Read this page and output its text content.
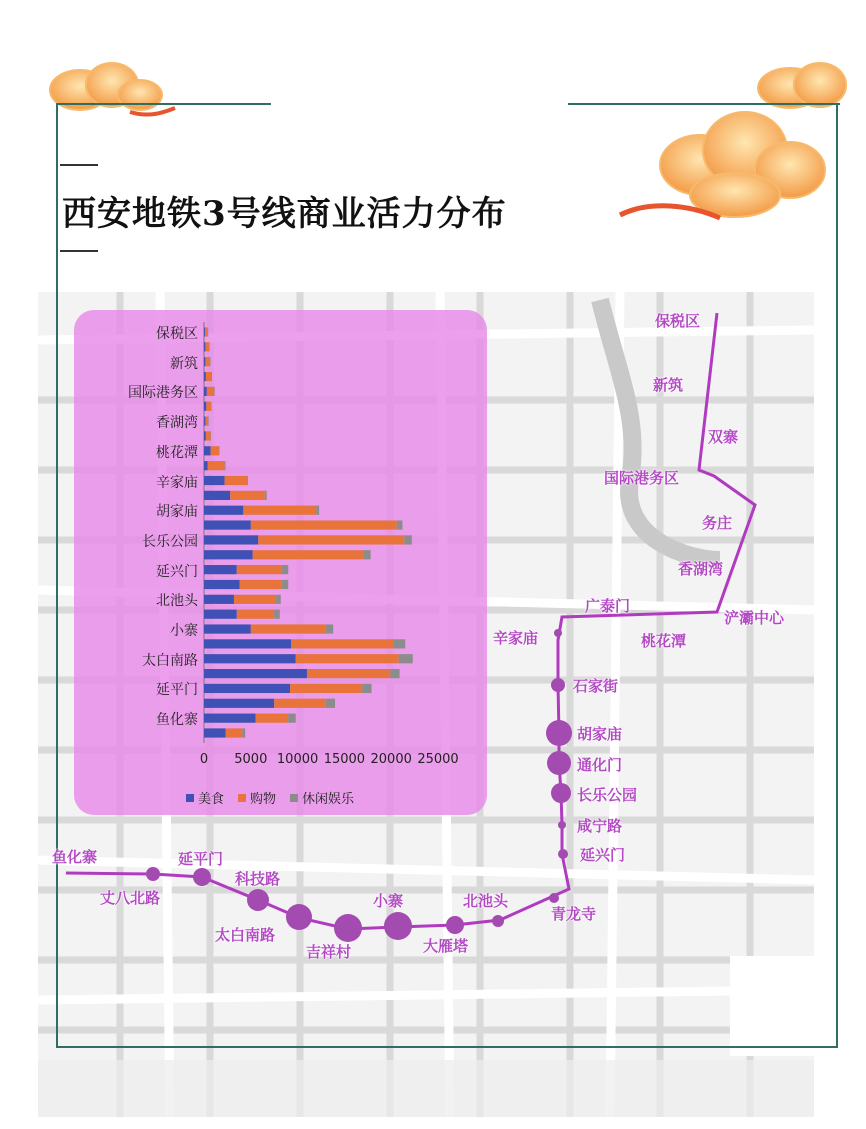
西安地铁3号线商业活力分布
保税区
新筑
双寨
国际港务区
务庄
香湖湾
浐灞中心
桃花潭
广泰门
辛家庙
石家街
胡家庙
通化门
长乐公园
咸宁路
延兴门
青龙寺
北池头
大雁塔
小寨
吉祥村
太白南路
科技路
延平门
丈八北路
鱼化寨
保税区
新筑
国际港务区
香湖湾
桃花潭
辛家庙
胡家庙
长乐公园
延兴门
北池头
小寨
太白南路
延平门
鱼化寨
0	5000 10000 15000 20000 25000
美食 购物 休闲娱乐
